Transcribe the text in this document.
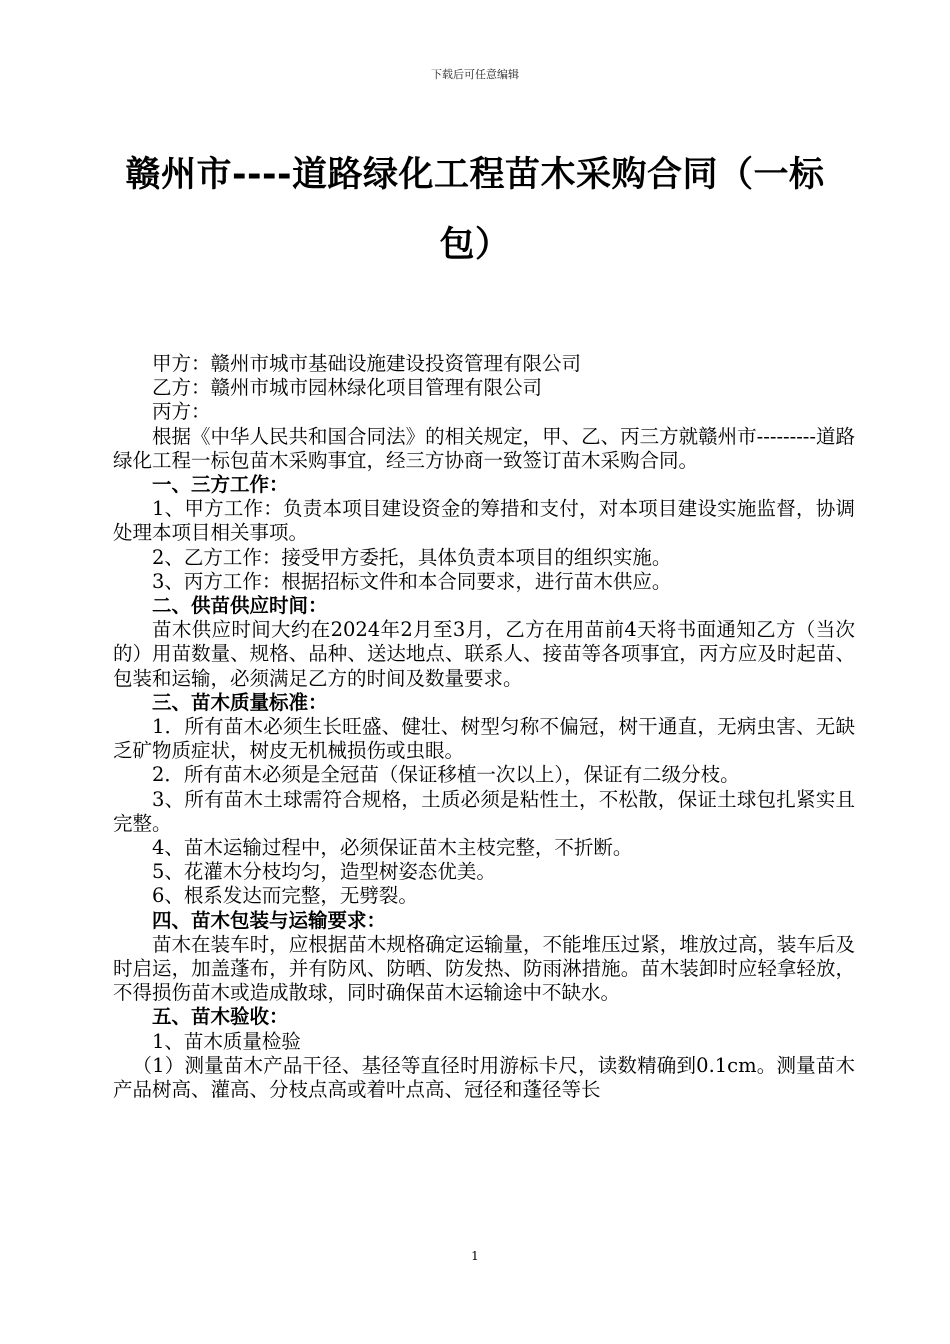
下载后可任意编辑
赣州市----道路绿化工程苗木采购合同（一标包）

甲方：赣州市城市基础设施建设投资管理有限公司

乙方：赣州市城市园林绿化项目管理有限公司

丙方：

根据《中华人民共和国合同法》的相关规定，甲、乙、丙三方就赣州市---------道路绿化工程一标包苗木采购事宜，经三方协商一致签订苗木采购合同。

一、三方工作：

1、甲方工作：负责本项目建设资金的筹措和支付，对本项目建设实施监督，协调处理本项目相关事项。

2、乙方工作：接受甲方委托，具体负责本项目的组织实施。

3、丙方工作：根据招标文件和本合同要求，进行苗木供应。

二、供苗供应时间：

苗木供应时间大约在2024年2月至3月，乙方在用苗前4天将书面通知乙方（当次的）用苗数量、规格、品种、送达地点、联系人、接苗等各项事宜，丙方应及时起苗、包装和运输，必须满足乙方的时间及数量要求。

三、苗木质量标准：

1．所有苗木必须生长旺盛、健壮、树型匀称不偏冠，树干通直，无病虫害、无缺乏矿物质症状，树皮无机械损伤或虫眼。

2．所有苗木必须是全冠苗（保证移植一次以上），保证有二级分枝。

3、所有苗木土球需符合规格，土质必须是粘性土，不松散，保证土球包扎紧实且完整。

4、苗木运输过程中，必须保证苗木主枝完整，不折断。

5、花灌木分枝均匀，造型树姿态优美。

6、根系发达而完整，无劈裂。

四、苗木包装与运输要求：

苗木在装车时，应根据苗木规格确定运输量，不能堆压过紧，堆放过高，装车后及时启运，加盖蓬布，并有防风、防晒、防发热、防雨淋措施。苗木装卸时应轻拿轻放，不得损伤苗木或造成散球，同时确保苗木运输途中不缺水。

五、苗木验收：

1、苗木质量检验

（1）测量苗木产品干径、基径等直径时用游标卡尺，读数精确到0.1cm。测量苗木产品树高、灌高、分枝点高或着叶点高、冠径和蓬径等长

1
